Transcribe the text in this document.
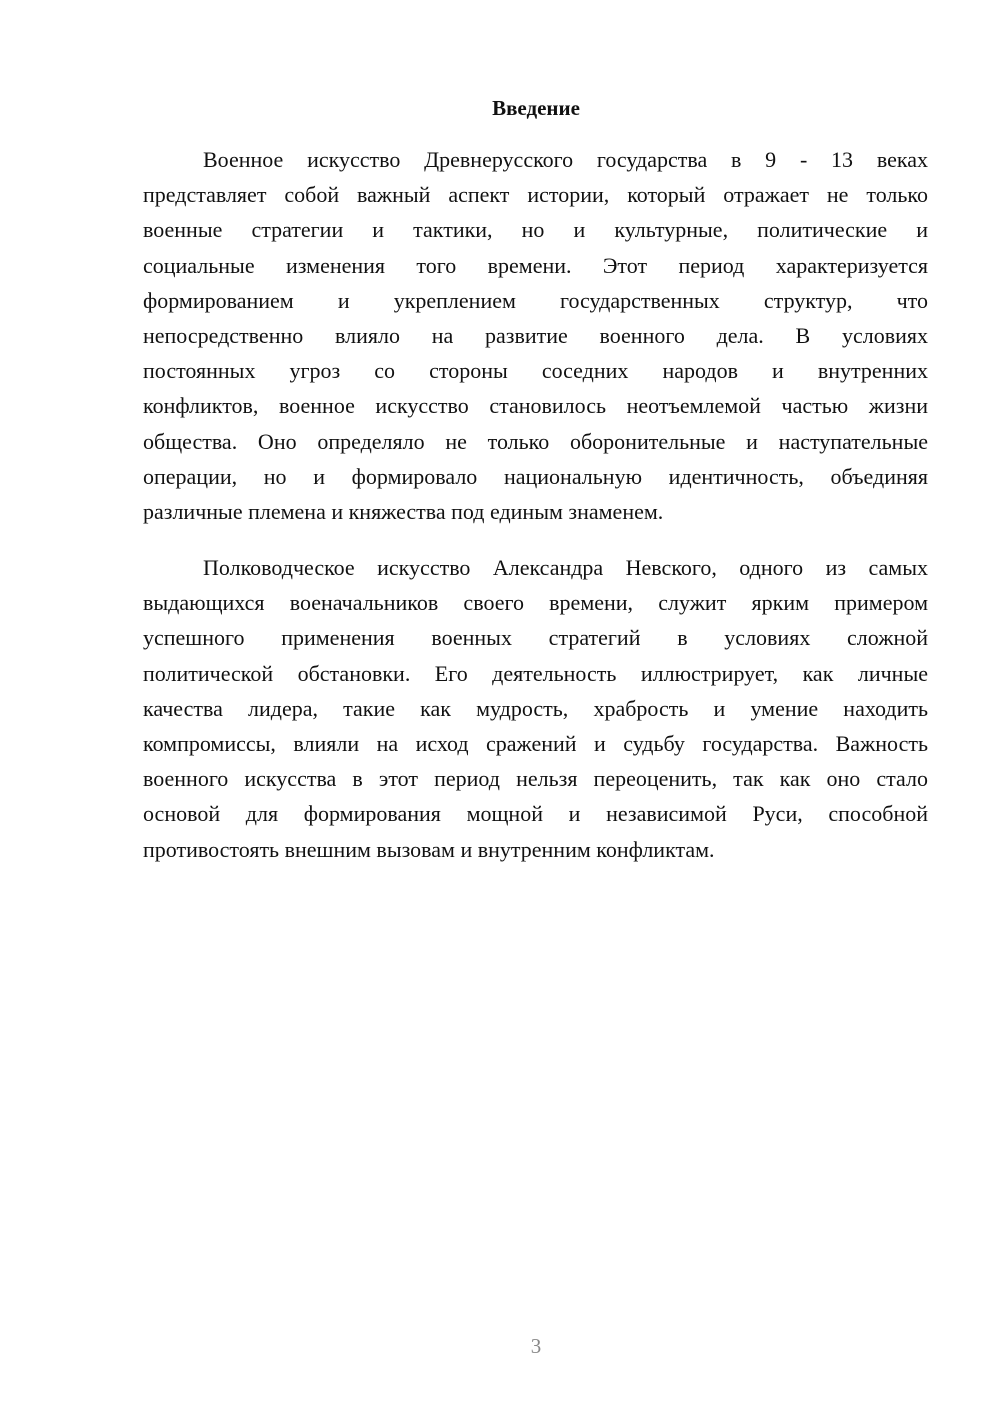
Введение
Военное искусство Древнерусского государства в 9 - 13 веках
представляет собой важный аспект истории, который отражает не только
военные стратегии и тактики, но и культурные, политические и
социальные изменения того времени. Этот период характеризуется
формированием и укреплением государственных структур, что
непосредственно влияло на развитие военного дела. В условиях
постоянных угроз со стороны соседних народов и внутренних
конфликтов, военное искусство становилось неотъемлемой частью жизни
общества. Оно определяло не только оборонительные и наступательные
операции, но и формировало национальную идентичность, объединяя
различные племена и княжества под единым знаменем.
Полководческое искусство Александра Невского, одного из самых
выдающихся военачальников своего времени, служит ярким примером
успешного применения военных стратегий в условиях сложной
политической обстановки. Его деятельность иллюстрирует, как личные
качества лидера, такие как мудрость, храбрость и умение находить
компромиссы, влияли на исход сражений и судьбу государства. Важность
военного искусства в этот период нельзя переоценить, так как оно стало
основой для формирования мощной и независимой Руси, способной
противостоять внешним вызовам и внутренним конфликтам.
3
